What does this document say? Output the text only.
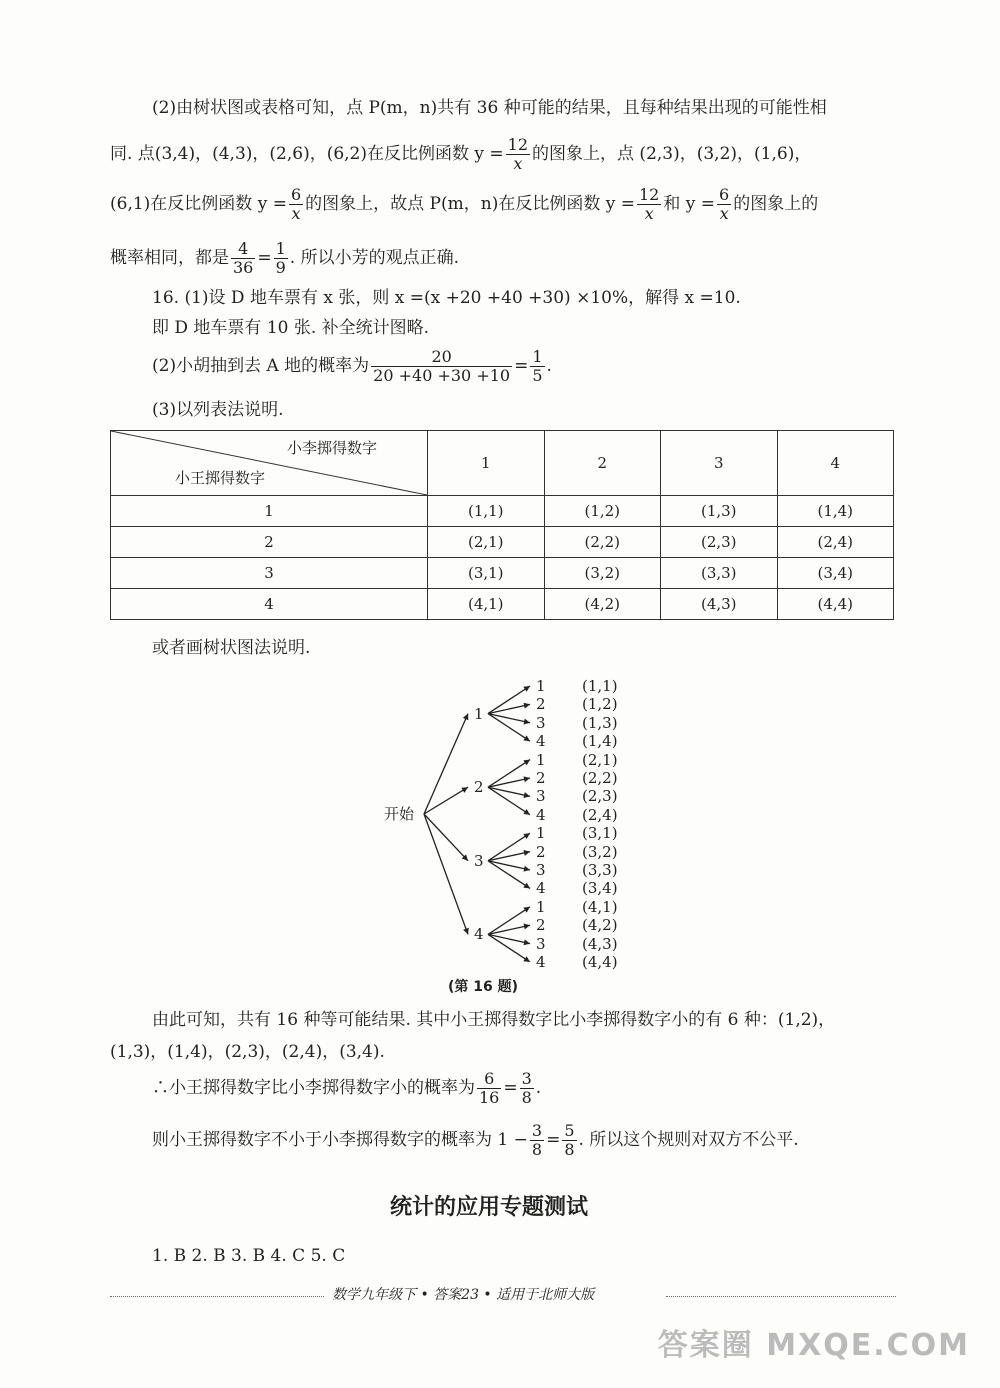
(2)由树状图或表格可知，点 P(m，n)共有 36 种可能的结果，且每种结果出现的可能性相
同. 点(3,4)，(4,3)，(2,6)，(6,2)在反比例函数 $y = \frac{12}{x}$ 的图象上，点 (2,3)，(3,2)，(1,6)，
(6,1)在反比例函数 $y = \frac{6}{x}$ 的图象上，故点 P(m，n)在反比例函数 $y = \frac{12}{x}$ 和 $y = \frac{6}{x}$ 的图象上的
概率相同，都是 $\frac{4}{36} = \frac{1}{9}$ . 所以小芳的观点正确.
16. (1)设 D 地车票有 x 张，则 x =(x +20 +40 +30) ×10%，解得 x =10.
即 D 地车票有 10 张. 补全统计图略.
(2)小胡抽到去 A 地的概率为 $\frac{20}{20 +40 +30 +10} = \frac{1}{5}$ .
(3)以列表法说明.
小李掷得数字
小王掷得数字	1	2	3	4
1	(1,1)	(1,2)	(1,3)	(1,4)
2	(2,1)	(2,2)	(2,3)	(2,4)
3	(3,1)	(3,2)	(3,3)	(3,4)
4	(4,1)	(4,2)	(4,3)	(4,4)
或者画树状图法说明.
开始
1
1 (1,1)
2 (1,2)
3 (1,3)
4 (1,4)
2
1 (2,1)
2 (2,2)
3 (2,3)
4 (2,4)
3
1 (3,1)
2 (3,2)
3 (3,3)
4 (3,4)
4
1 (4,1)
2 (4,2)
3 (4,3)
4 (4,4)
(第 16 题)
由此可知，共有 16 种等可能结果. 其中小王掷得数字比小李掷得数字小的有 6 种：(1,2)，
(1,3)，(1,4)，(2,3)，(2,4)，(3,4).
∴小王掷得数字比小李掷得数字小的概率为 $\frac{6}{16} = \frac{3}{8}$ .
则小王掷得数字不小于小李掷得数字的概率为 $1 - \frac{3}{8} = \frac{5}{8}$ . 所以这个规则对双方不公平.
统计的应用专题测试
1. B 2. B 3. B 4. C 5. C
数学九年级下 • 答案23 • 适用于北师大版
答案圈 MXQE.COM
